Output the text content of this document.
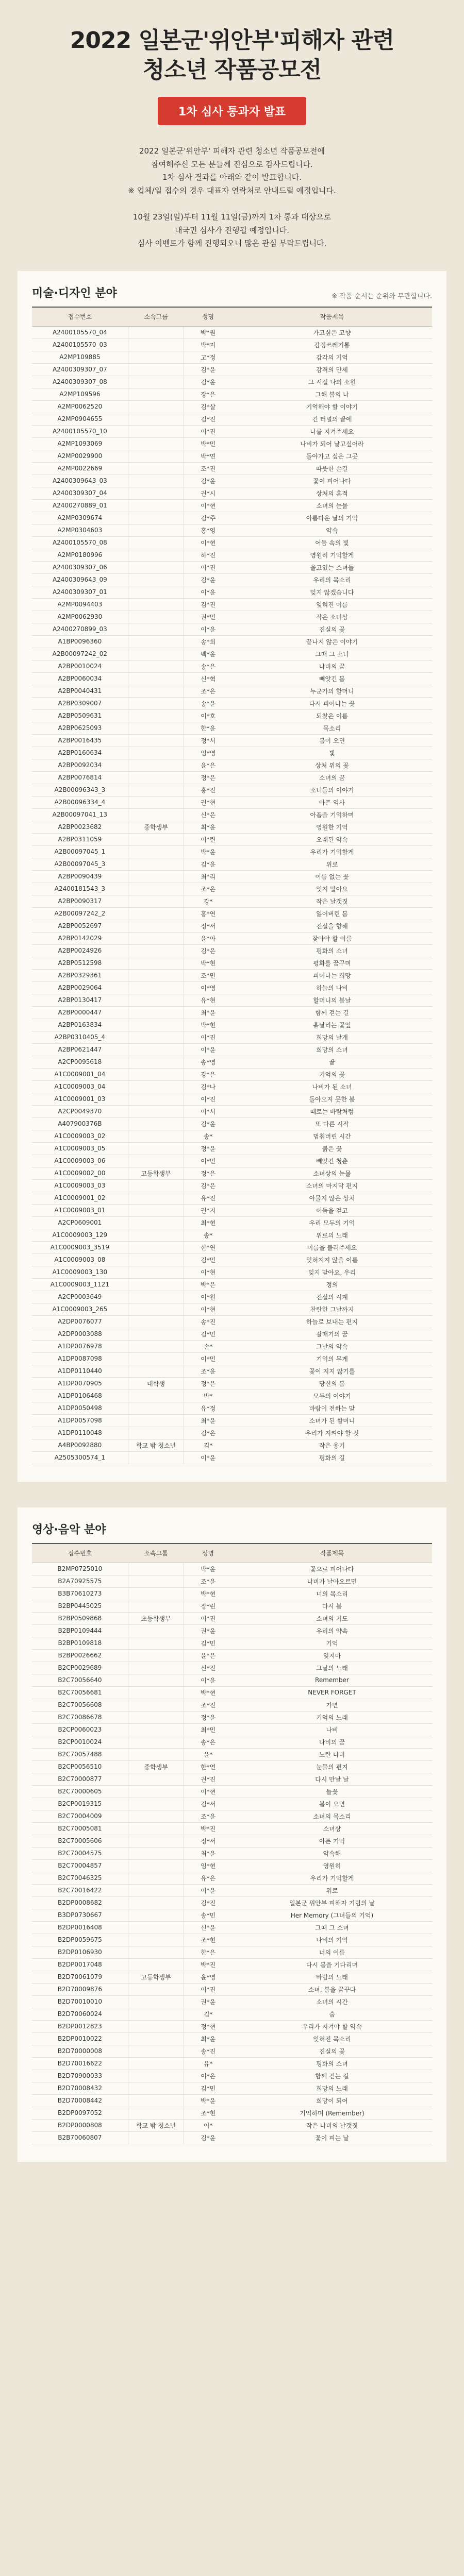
2022 일본군'위안부'피해자 관련
청소년 작품공모전
1차 심사 통과자 발표

2022 일본군'위안부' 피해자 관련 청소년 작품공모전에
참여해주신 모든 분들께 진심으로 감사드립니다.
1차 심사 결과를 아래와 같이 발표합니다.
※ 업체/일 접수의 경우 대표자 연락처로 안내드릴 예정입니다.

10월 23일(일)부터 11월 11일(금)까지 1차 통과 대상으로
대국민 심사가 진행될 예정입니다.
심사 이벤트가 함께 진행되오니 많은 관심 부탁드립니다.

미술·디자인 분야	※ 작품 순서는 순위와 무관합니다.
접수번호	소속그룹	성명	작품제목
A2400105570_04		박*원	가고싶은 고향
A2400105570_03		박*지	감정쓰레기통
A2MP109885		고*정	감각의 기억
A2400309307_07		김*윤	감격의 만세
A2400309307_08		김*윤	그 시절 나의 소원
A2MP109596		장*은	그해 봄의 나
A2MP0062520		김*살	기억해야 할 이야기
A2MP0904655		김*진	긴 터널의 끝에
A2400105570_10		이*진	나를 지켜주세요
A2MP1093069		박*민	나비가 되어 날고싶어라
A2MP0029900		박*연	돌아가고 싶은 그곳
A2MP0022669		조*진	따뜻한 손길
A2400309643_03		김*윤	꽃이 피어나다
A2400309307_04		권*시	상처의 흔적
A2400270889_01		이*현	소녀의 눈물
A2MP0309674		김*주	아름다운 날의 기억
A2MP0304603		홍*영	약속
A2400105570_08		이*현	어둠 속의 빛
A2MP0180996		하*진	영원히 기억할게
A2400309307_06		이*진	울고있는 소녀들
A2400309643_09		김*윤	우리의 목소리
A2400309307_01		이*윤	잊지 않겠습니다
A2MP0094403		김*진	잊혀진 이름
A2MP0062930		권*민	작은 소녀상
A2400270899_03		이*윤	진실의 꽃
A1BP0096360		송*희	끝나지 않은 이야기
A2B00097242_02		백*윤	그때 그 소녀
A2BP0010024		송*은	나비의 꿈
A2BP0060034		신*혁	빼앗긴 봄
A2BP0040431		조*은	누군가의 할머니
A2BP0309007		송*윤	다시 피어나는 꽃
A2BP0509631		이*호	되찾은 이름
A2BP0625093		한*윤	목소리
A2BP0016435		정*서	봄이 오면
A2BP0160634		임*영	빛
A2BP0092034		윤*은	상처 위의 꽃
A2BP0076814		정*은	소녀의 꿈
A2B00096343_3		홍*진	소녀들의 이야기
A2B00096334_4		권*현	아픈 역사
A2B00097041_13		신*은	아픔을 기억하며
A2BP0023682	중학생부	최*윤	영원한 기억
A2BP0311059		이*린	오래된 약속
A2B00097045_1		박*윤	우리가 기억할게
A2B00097045_3		김*윤	위로
A2BP0090439		최*리	이름 없는 꽃
A2400181543_3		조*은	잊지 말아요
A2BP0090317		강*	작은 날갯짓
A2B00097242_2		홍*연	잃어버린 봄
A2BP0052697		정*서	진실을 향해
A2BP0142029		윤*아	찾아야 할 이름
A2BP0024926		김*은	평화의 소녀
A2BP0512598		박*현	평화를 꿈꾸며
A2BP0329361		조*민	피어나는 희망
A2BP0029064		이*영	하늘의 나비
A2BP0130417		유*현	할머니의 봄날
A2BP0000447		최*윤	함께 걷는 길
A2BP0163834		박*현	흩날리는 꽃잎
A2BP0310405_4		이*진	희망의 날개
A2BP0621447		이*윤	희망의 소녀
A2CP0095618		송*영	끝
A1C0009001_04		강*은	기억의 꽃
A1C0009003_04		김*나	나비가 된 소녀
A1C0009001_03		이*진	돌아오지 못한 봄
A2CP0049370		이*서	때로는 바람처럼
A407900376B		김*윤	또 다른 시작
A1C0009003_02		송*	멈춰버린 시간
A1C0009003_05		정*윤	붉은 꽃
A1C0009003_06		이*민	빼앗긴 청춘
A1C0009002_00	고등학생부	정*은	소녀상의 눈물
A1C0009003_03		김*은	소녀의 마지막 편지
A1C0009001_02		유*진	아물지 않은 상처
A1C0009003_01		권*지	어둠을 걷고
A2CP0609001		최*현	우리 모두의 기억
A1C0009003_129		송*	위로의 노래
A1C0009003_3519		한*연	이름을 불러주세요
A1C0009003_08		김*민	잊혀지지 않을 이름
A1C0009003_130		이*현	잊지 말아요, 우리
A1C0009003_1121		박*은	정의
A2CP0003649		이*원	진실의 시계
A1C0009003_265		이*현	찬란한 그날까지
A2DP0076077		송*진	하늘로 보내는 편지
A2DP0003088		김*민	갈매기의 꿈
A1DP0076978		손*	그날의 약속
A1DP0087098		이*민	기억의 무게
A1DP0110440		조*윤	꽃이 지지 않기를
A1DP0070905	대학생	정*은	당신의 봄
A1DP0106468		박*	모두의 이야기
A1DP0050498		유*정	바람이 전하는 말
A1DP0057098		최*윤	소녀가 된 할머니
A1DP0110048		김*은	우리가 지켜야 할 것
A4BP0092880	학교 밖 청소년	김*	작은 용기
A2505300574_1		이*윤	평화의 길
영상·음악 분야
접수번호	소속그룹	성명	작품제목
B2MP0725010		박*윤	꽃으로 피어나다
B2A70925575		조*윤	나비가 날아오르면
B3B70610273		박*현	너의 목소리
B2BP0445025		장*린	다시 봄
B2BP0509868	초등학생부	이*진	소녀의 기도
B2BP0109444		권*윤	우리의 약속
B2BP0109818		김*민	기억
B2BP0026662		윤*은	잊지마
B2CP0029689		신*진	그날의 노래
B2C70056640		이*윤	Remember
B2C70056681		박*현	NEVER FORGET
B2C70056608		조*진	가면
B2C70086678		정*윤	기억의 노래
B2CP0060023		최*민	나비
B2CP0010024		송*은	나비의 꿈
B2C70057488		윤*	노란 나비
B2CP0056510	중학생부	한*연	눈물의 편지
B2C70000877		권*진	다시 만날 날
B2C70000605		이*현	들꽃
B2CP0019315		김*서	봄이 오면
B2C70004009		조*윤	소녀의 목소리
B2C70005081		박*진	소녀상
B2C70005606		정*서	아픈 기억
B2C70004575		최*윤	약속해
B2C70004857		임*현	영원히
B2C70046325		유*은	우리가 기억할게
B2C70016422		이*윤	위로
B2DP0008682		김*진	일본군 위안부 피해자 기림의 날
B3DP0730667		송*민	Her Memory (그녀들의 기억)
B2DP0016408		신*윤	그때 그 소녀
B2DP0059675		조*현	나비의 기억
B2DP0106930		한*은	너의 이름
B2DP0017048		박*진	다시 봄을 기다리며
B2D70061079	고등학생부	윤*영	바람의 노래
B2D70009876		이*진	소녀, 봄을 꿈꾸다
B2D70010010		권*윤	소녀의 시간
B2D70060024		김*	숨
B2DP0012823		정*현	우리가 지켜야 할 약속
B2DP0010022		최*윤	잊혀진 목소리
B2D70000008		송*진	진실의 꽃
B2D70016622		유*	평화의 소녀
B2D70900033		이*은	함께 걷는 길
B2D70008432		김*민	희망의 노래
B2D70008442		박*윤	희망이 되어
B2DP0097052		조*현	기억하며 (Remember)
B2DP0000808	학교 밖 청소년	이*	작은 나비의 날갯짓
B2B70060807		김*윤	꽃이 피는 날
